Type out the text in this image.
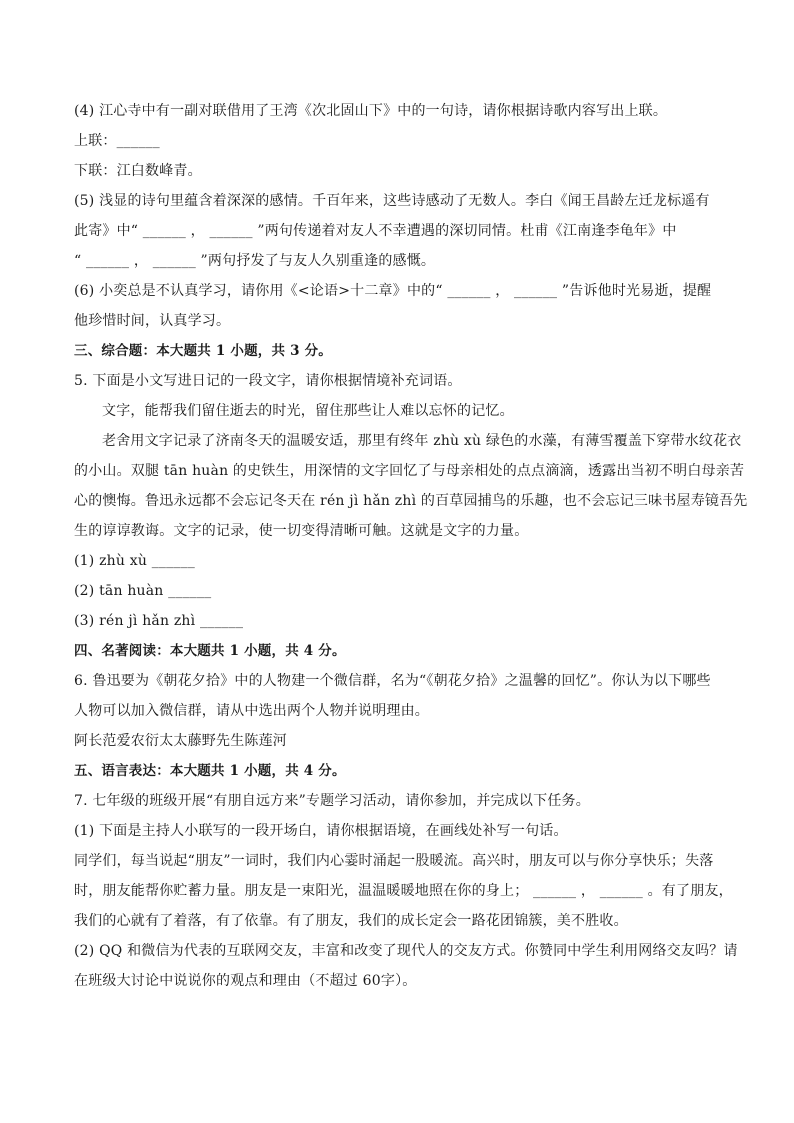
(4) 江心寺中有一副对联借用了王湾《次北固山下》中的一句诗，请你根据诗歌内容写出上联。
上联：______
下联：江白数峰青。
(5) 浅显的诗句里蕴含着深深的感情。千百年来，这些诗感动了无数人。李白《闻王昌龄左迁龙标遥有
此寄》中“ ______ ， ______ ”两句传递着对友人不幸遭遇的深切同情。杜甫《江南逢李龟年》中
“ ______ ， ______ ”两句抒发了与友人久别重逢的感慨。
(6) 小奕总是不认真学习，请你用《<论语>十二章》中的“ ______ ， ______ ”告诉他时光易逝，提醒
他珍惜时间，认真学习。
三、综合题：本大题共 1 小题，共 3 分。
5. 下面是小文写进日记的一段文字，请你根据情境补充词语。
文字，能帮我们留住逝去的时光，留住那些让人难以忘怀的记忆。
老舍用文字记录了济南冬天的温暖安适，那里有终年 zhù xù 绿色的水藻，有薄雪覆盖下穿带水纹花衣
的小山。双腿 tān huàn 的史铁生，用深情的文字回忆了与母亲相处的点点滴滴，透露出当初不明白母亲苦
心的懊悔。鲁迅永远都不会忘记冬天在 rén jì hǎn zhì 的百草园捕鸟的乐趣，也不会忘记三味书屋寿镜吾先
生的谆谆教诲。文字的记录，使一切变得清晰可触。这就是文字的力量。
(1) zhù xù ______
(2) tān huàn ______
(3) rén jì hǎn zhì ______
四、名著阅读：本大题共 1 小题，共 4 分。
6. 鲁迅要为《朝花夕拾》中的人物建一个微信群，名为“《朝花夕拾》之温馨的回忆”。你认为以下哪些
人物可以加入微信群，请从中选出两个人物并说明理由。
阿长范爱农衍太太藤野先生陈莲河
五、语言表达：本大题共 1 小题，共 4 分。
7. 七年级的班级开展“有朋自远方来”专题学习活动，请你参加，并完成以下任务。
(1) 下面是主持人小联写的一段开场白，请你根据语境，在画线处补写一句话。
同学们，每当说起“朋友”一词时，我们内心霎时涌起一股暖流。高兴时，朋友可以与你分享快乐；失落
时，朋友能帮你贮蓄力量。朋友是一束阳光，温温暖暖地照在你的身上； ______ ， ______ 。有了朋友，
我们的心就有了着落，有了依靠。有了朋友，我们的成长定会一路花团锦簇，美不胜收。
(2) QQ 和微信为代表的互联网交友，丰富和改变了现代人的交友方式。你赞同中学生利用网络交友吗？请
在班级大讨论中说说你的观点和理由（不超过 60字）。
